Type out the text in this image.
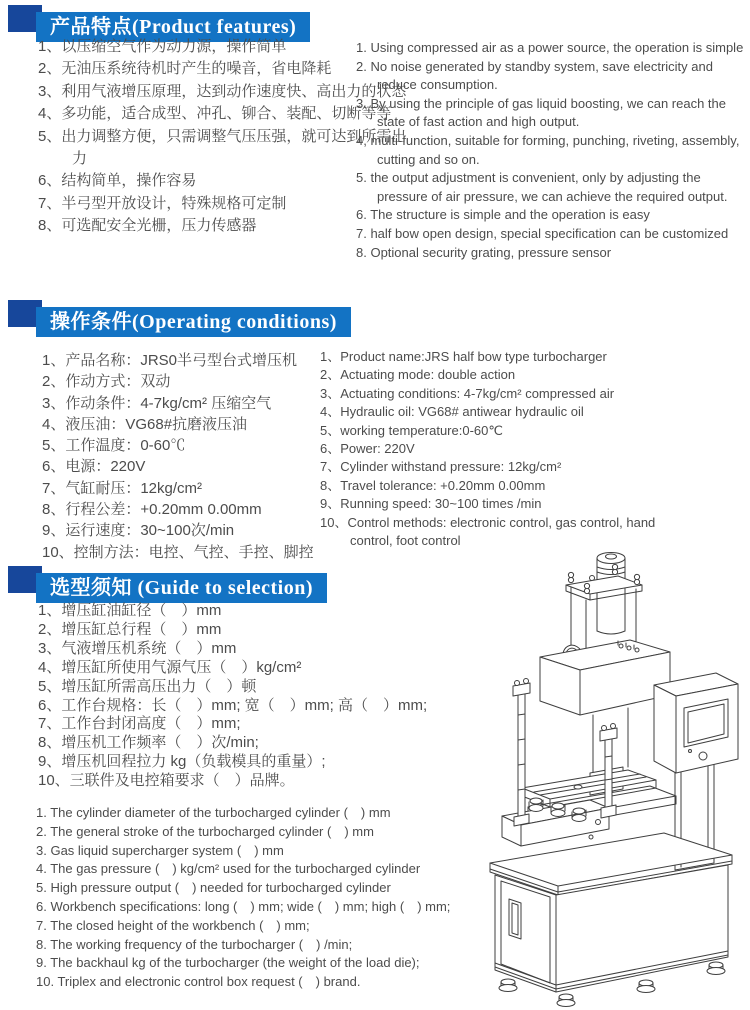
产品特点(Product features)
1、以压缩空气作为动力源，操作简单
2、无油压系统待机时产生的噪音，省电降耗
3、利用气液增压原理，达到动作速度快、高出力的状态
4、多功能，适合成型、冲孔、铆合、装配、切断等等
5、出力调整方便，只需调整气压压强，就可达到所需出力
6、结构简单，操作容易
7、半弓型开放设计，特殊规格可定制
8、可选配安全光栅，压力传感器
1. Using compressed air as a power source, the operation is simple
2. No noise generated by standby system, save electricity and reduce consumption.
3. By using the principle of gas liquid boosting, we can reach the state of fast action and high output.
4, multi-function, suitable for forming, punching, riveting, assembly, cutting and so on.
5. the output adjustment is convenient, only by adjusting the pressure of air pressure, we can achieve the required output.
6. The structure is simple and the operation is easy
7. half bow open design, special specification can be customized
8. Optional security grating, pressure sensor
操作条件(Operating conditions)
1、产品名称：JRS0半弓型台式增压机
2、作动方式：双动
3、作动条件：4-7kg/cm² 压缩空气
4、液压油：VG68#抗磨液压油
5、工作温度：0-60℃
6、电源：220V
7、气缸耐压：12kg/cm²
8、行程公差：+0.20mm 0.00mm
9、运行速度：30~100次/min
10、控制方法：电控、气控、手控、脚控
1、Product name:JRS half bow type turbocharger
2、Actuating mode: double action
3、Actuating conditions: 4-7kg/cm² compressed air
4、Hydraulic oil: VG68# antiwear hydraulic oil
5、working temperature:0-60℃
6、Power: 220V
7、Cylinder withstand pressure: 12kg/cm²
8、Travel tolerance: +0.20mm 0.00mm
9、Running speed: 30~100 times /min
10、Control methods: electronic control, gas control, hand control, foot control
选型须知 (Guide to selection)
1、增压缸油缸径（　）mm
2、增压缸总行程（　）mm
3、气液增压机系统（　）mm
4、增压缸所使用气源气压（　）kg/cm²
5、增压缸所需高压出力（　）顿
6、工作台规格：长（　）mm; 宽（　）mm; 高（　）mm;
7、工作台封闭高度（　）mm;
8、增压机工作频率（　）次/min;
9、增压机回程拉力 kg（负载模具的重量）;
10、三联件及电控箱要求（　）品牌。
1. The cylinder diameter of the turbocharged cylinder (　) mm
2. The general stroke of the turbocharged cylinder (　) mm
3. Gas liquid supercharger system (　) mm
4. The gas pressure (　) kg/cm² used for the turbocharged cylinder
5. High pressure output (　) needed for turbocharged cylinder
6. Workbench specifications: long (　) mm; wide (　) mm; high (　) mm;
7. The closed height of the workbench (　) mm;
8. The working frequency of the turbocharger (　) /min;
9. The backhaul kg of the turbocharger (the weight of the load die);
10. Triplex and electronic control box request (　) brand.
